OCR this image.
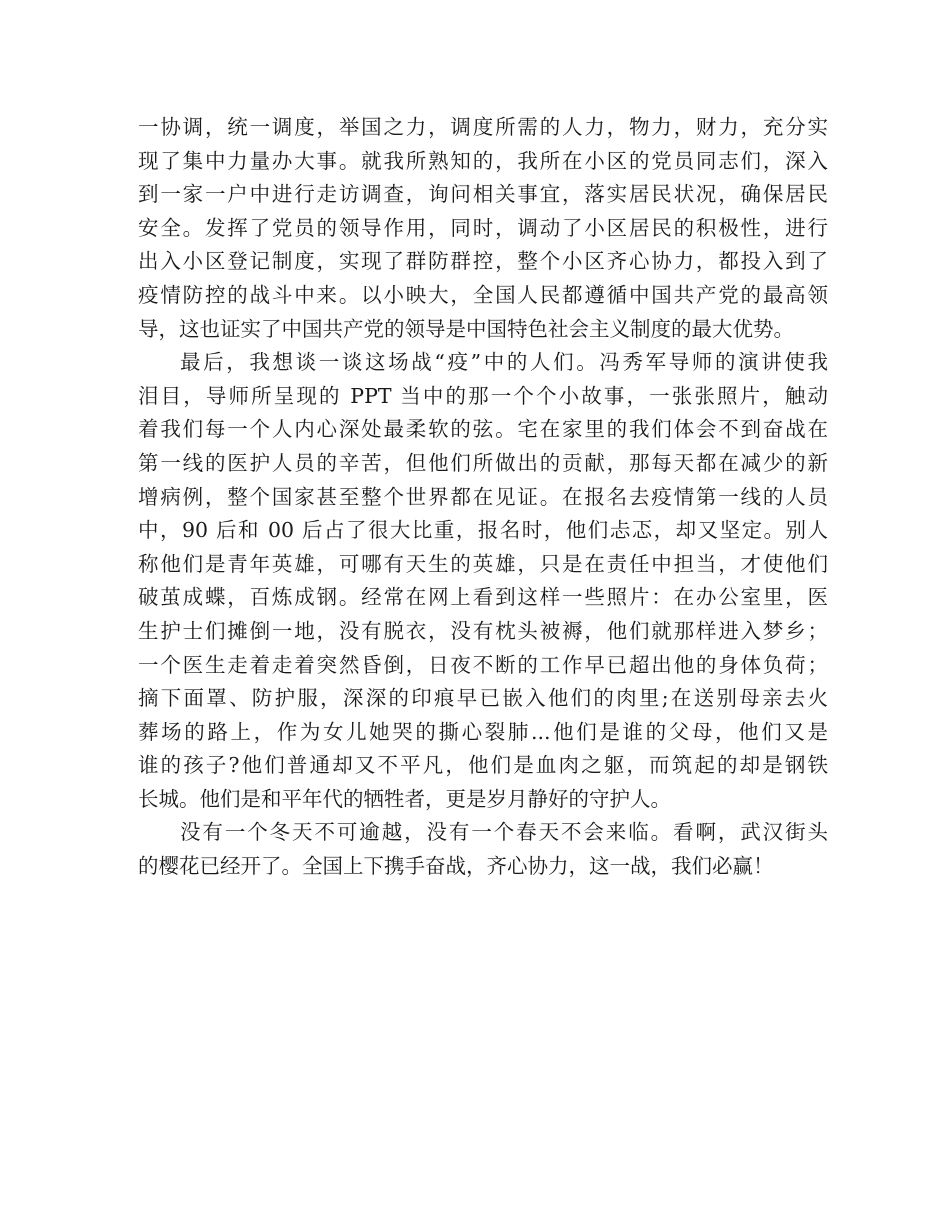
一协调，统一调度，举国之力，调度所需的人力，物力，财力，充分实
现了集中力量办大事。就我所熟知的，我所在小区的党员同志们，深入
到一家一户中进行走访调查，询问相关事宜，落实居民状况，确保居民
安全。发挥了党员的领导作用，同时，调动了小区居民的积极性，进行
出入小区登记制度，实现了群防群控，整个小区齐心协力，都投入到了
疫情防控的战斗中来。以小映大，全国人民都遵循中国共产党的最高领
导，这也证实了中国共产党的领导是中国特色社会主义制度的最大优势。
最后，我想谈一谈这场战“疫”中的人们。冯秀军导师的演讲使我
泪目，导师所呈现的 PPT 当中的那一个个小故事，一张张照片，触动
着我们每一个人内心深处最柔软的弦。宅在家里的我们体会不到奋战在
第一线的医护人员的辛苦，但他们所做出的贡献，那每天都在减少的新
增病例，整个国家甚至整个世界都在见证。在报名去疫情第一线的人员
中，90 后和 00 后占了很大比重，报名时，他们忐忑，却又坚定。别人
称他们是青年英雄，可哪有天生的英雄，只是在责任中担当，才使他们
破茧成蝶，百炼成钢。经常在网上看到这样一些照片：在办公室里，医
生护士们摊倒一地，没有脱衣，没有枕头被褥，他们就那样进入梦乡；
一个医生走着走着突然昏倒，日夜不断的工作早已超出他的身体负荷；
摘下面罩、防护服，深深的印痕早已嵌入他们的肉里;在送别母亲去火
葬场的路上，作为女儿她哭的撕心裂肺...他们是谁的父母，他们又是
谁的孩子?他们普通却又不平凡，他们是血肉之躯，而筑起的却是钢铁
长城。他们是和平年代的牺牲者，更是岁月静好的守护人。
没有一个冬天不可逾越，没有一个春天不会来临。看啊，武汉街头
的樱花已经开了。全国上下携手奋战，齐心协力，这一战，我们必赢！
